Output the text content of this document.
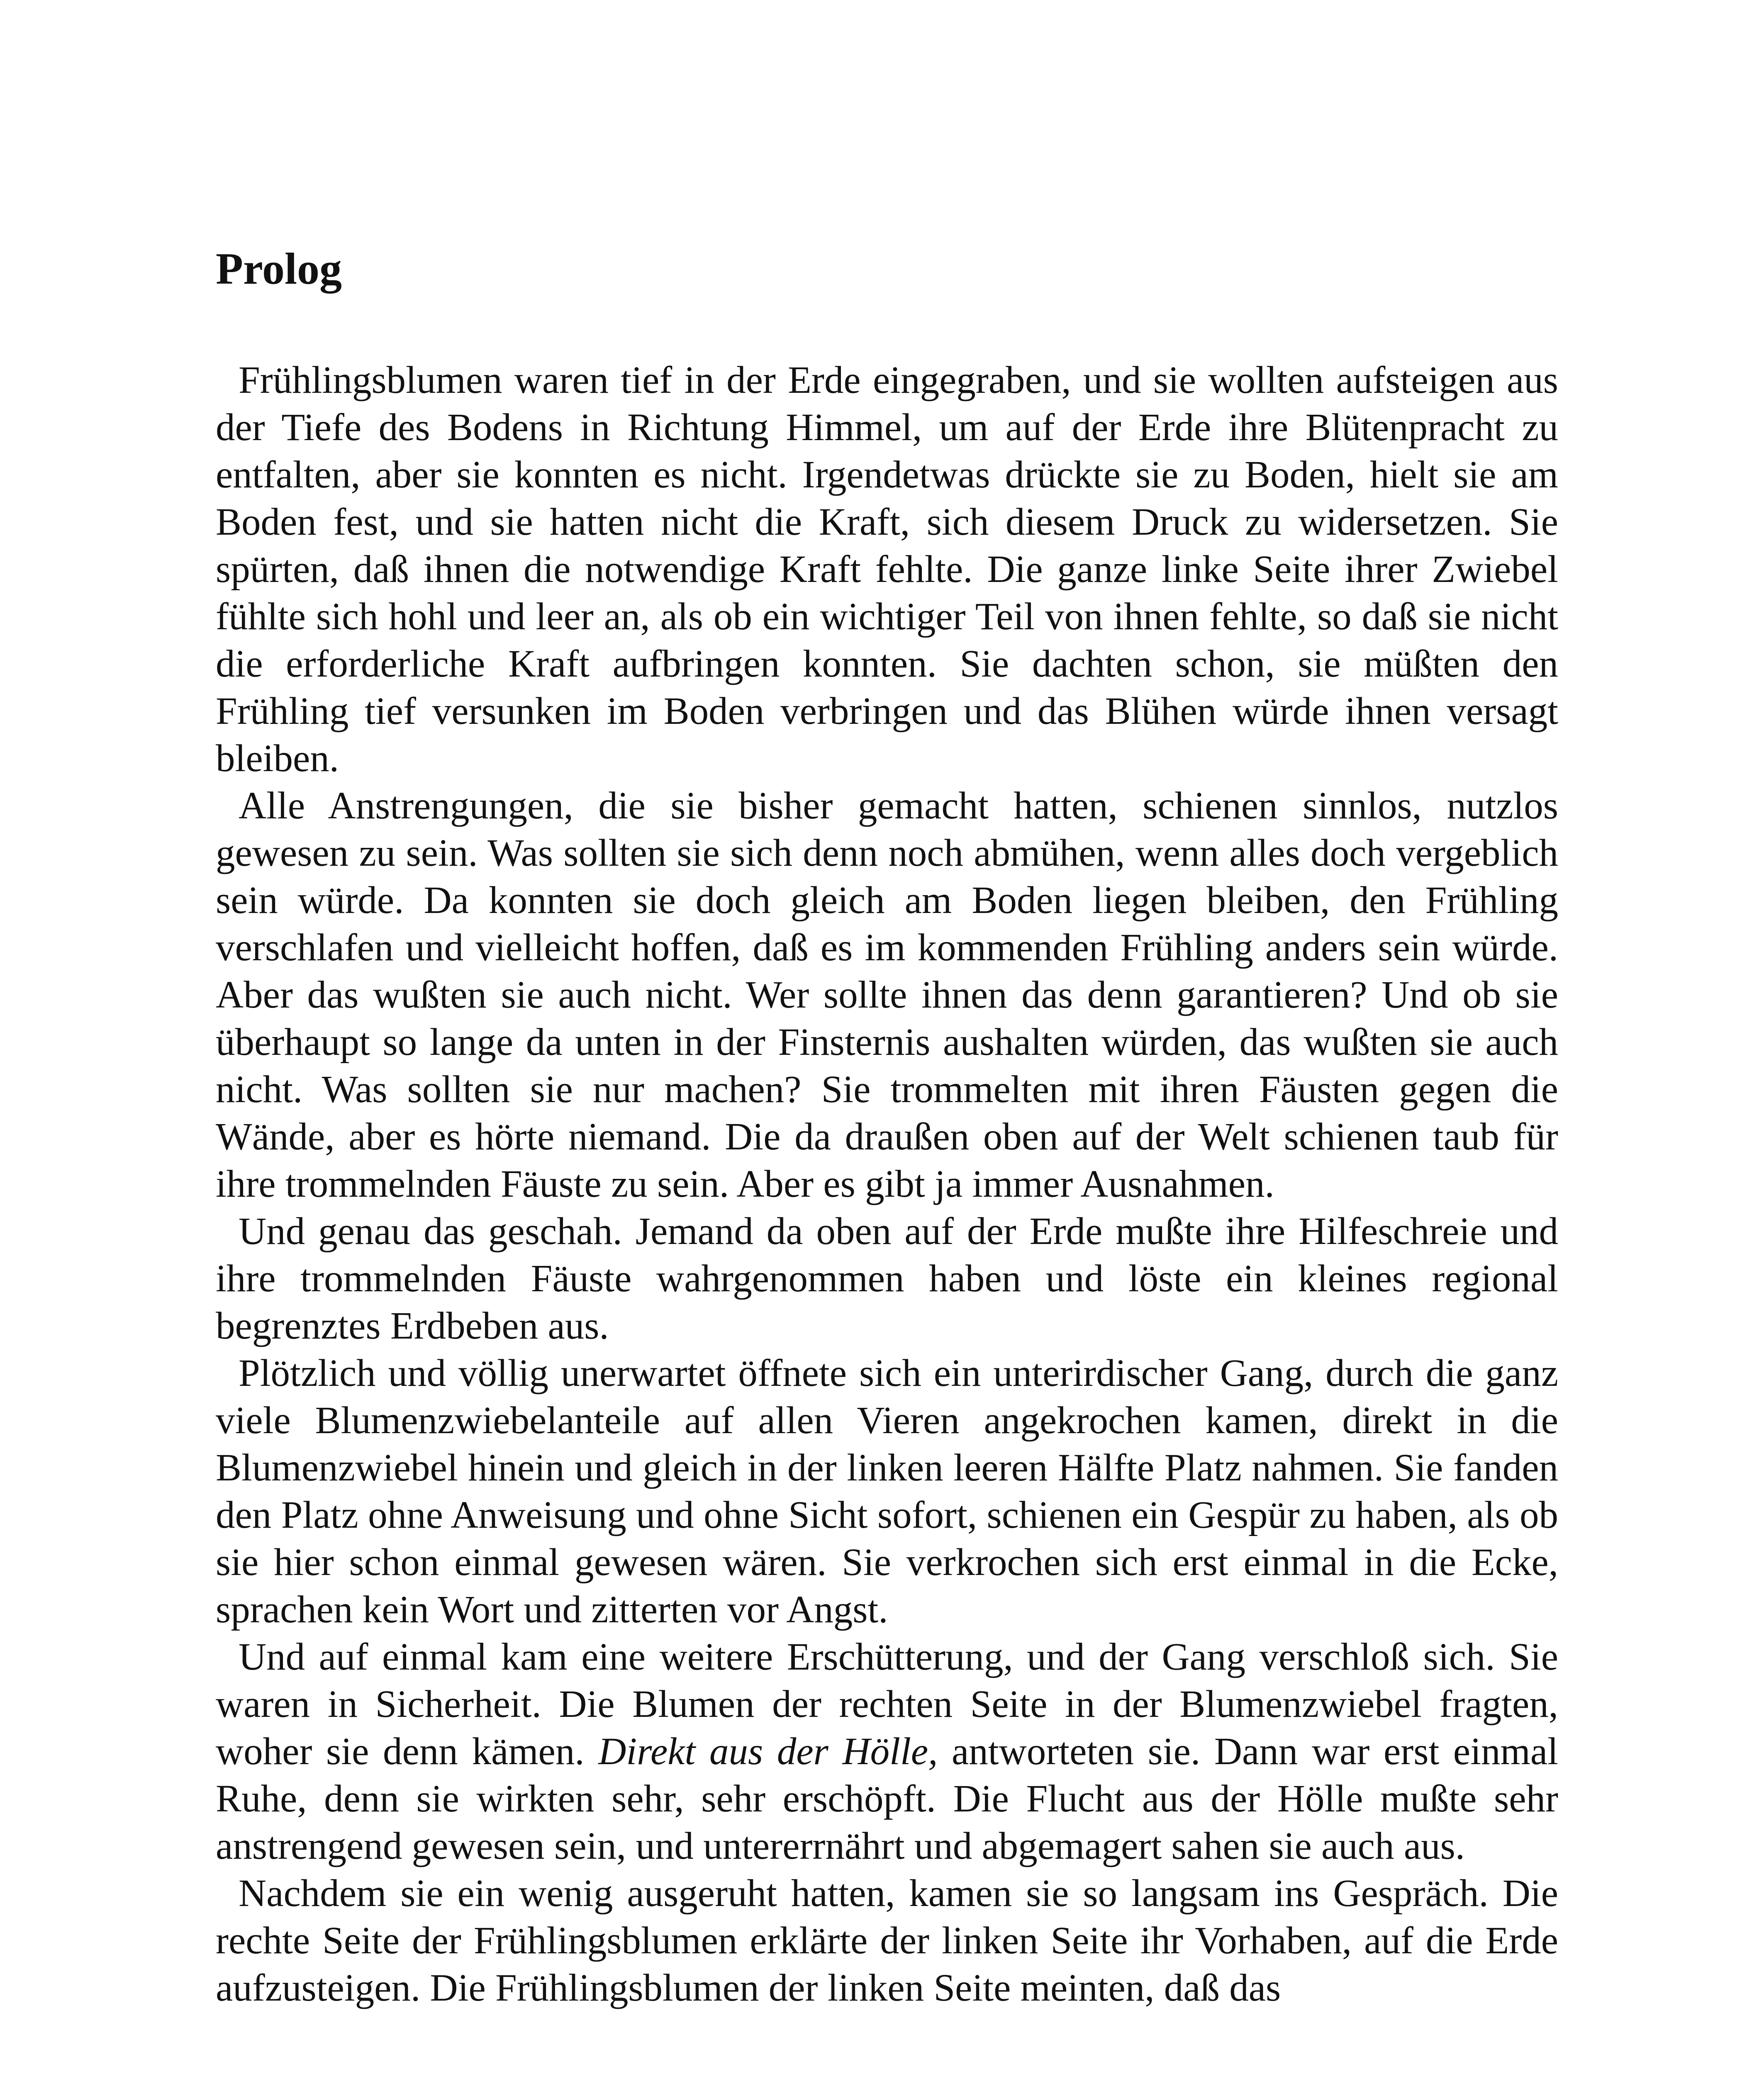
Prolog

Frühlingsblumen waren tief in der Erde eingegraben, und sie wollten aufsteigen aus der Tiefe des Bodens in Richtung Himmel, um auf der Erde ihre Blütenpracht zu entfalten, aber sie konnten es nicht. Irgendetwas drückte sie zu Boden, hielt sie am Boden fest, und sie hatten nicht die Kraft, sich diesem Druck zu widersetzen. Sie spürten, daß ihnen die notwendige Kraft fehlte. Die ganze linke Seite ihrer Zwiebel fühlte sich hohl und leer an, als ob ein wichtiger Teil von ihnen fehlte, so daß sie nicht die erforderliche Kraft aufbringen konnten. Sie dachten schon, sie müßten den Frühling tief versunken im Boden verbringen und das Blühen würde ihnen versagt bleiben.

Alle Anstrengungen, die sie bisher gemacht hatten, schienen sinnlos, nutzlos gewesen zu sein. Was sollten sie sich denn noch abmühen, wenn alles doch vergeblich sein würde. Da konnten sie doch gleich am Boden liegen bleiben, den Frühling verschlafen und vielleicht hoffen, daß es im kommenden Frühling anders sein würde. Aber das wußten sie auch nicht. Wer sollte ihnen das denn garantieren? Und ob sie überhaupt so lange da unten in der Finsternis aushalten würden, das wußten sie auch nicht. Was sollten sie nur machen? Sie trommelten mit ihren Fäusten gegen die Wände, aber es hörte niemand. Die da draußen oben auf der Welt schienen taub für ihre trommelnden Fäuste zu sein. Aber es gibt ja immer Ausnahmen.

Und genau das geschah. Jemand da oben auf der Erde mußte ihre Hilfeschreie und ihre trommelnden Fäuste wahrgenommen haben und löste ein kleines regional begrenztes Erdbeben aus.

Plötzlich und völlig unerwartet öffnete sich ein unterirdischer Gang, durch die ganz viele Blumenzwiebelanteile auf allen Vieren angekrochen kamen, direkt in die Blumenzwiebel hinein und gleich in der linken leeren Hälfte Platz nahmen. Sie fanden den Platz ohne Anweisung und ohne Sicht sofort, schienen ein Gespür zu haben, als ob sie hier schon einmal gewesen wären. Sie verkrochen sich erst einmal in die Ecke, sprachen kein Wort und zitterten vor Angst.

Und auf einmal kam eine weitere Erschütterung, und der Gang verschloß sich. Sie waren in Sicherheit. Die Blumen der rechten Seite in der Blumenzwiebel fragten, woher sie denn kämen. Direkt aus der Hölle, antworteten sie. Dann war erst einmal Ruhe, denn sie wirkten sehr, sehr erschöpft. Die Flucht aus der Hölle mußte sehr anstrengend gewesen sein, und untererrnährt und abgemagert sahen sie auch aus.

Nachdem sie ein wenig ausgeruht hatten, kamen sie so langsam ins Gespräch. Die rechte Seite der Frühlingsblumen erklärte der linken Seite ihr Vorhaben, auf die Erde aufzusteigen. Die Frühlingsblumen der linken Seite meinten, daß das
